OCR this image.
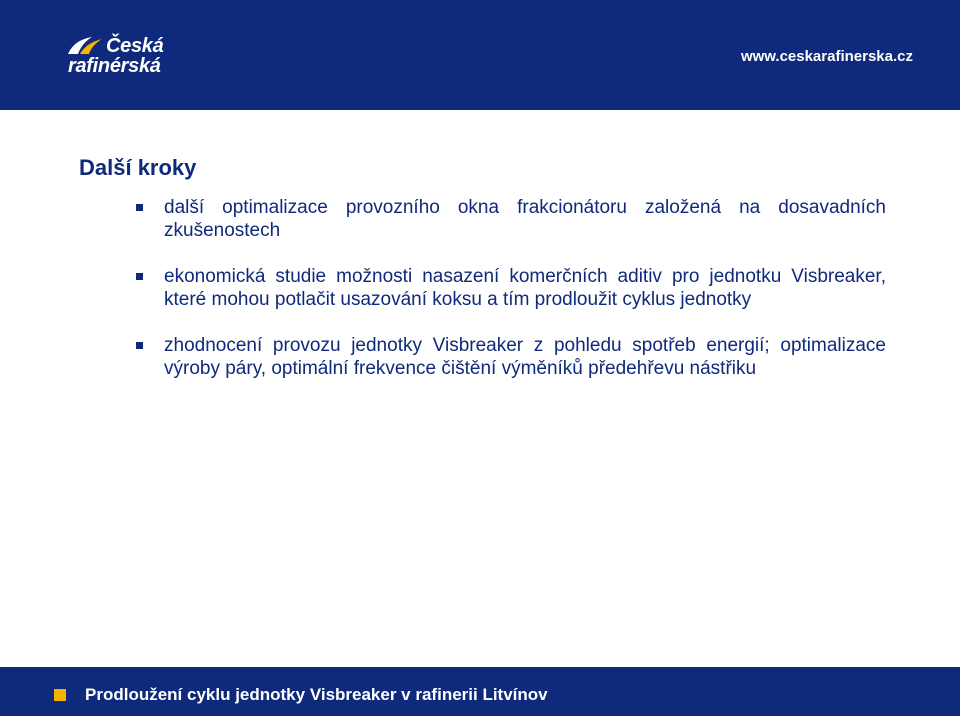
Česká
rafinérská	www.ceskarafinerska.cz
Další kroky
další optimalizace provozního okna frakcionátoru založená na dosavadních zkušenostech
ekonomická studie možnosti nasazení komerčních aditiv pro jednotku Visbreaker, které mohou potlačit usazování koksu a tím prodloužit cyklus jednotky
zhodnocení provozu jednotky Visbreaker z pohledu spotřeb energií; optimalizace výroby páry, optimální frekvence čištění výměníků předehřevu nástřiku
Prodloužení cyklu jednotky Visbreaker v rafinerii Litvínov
